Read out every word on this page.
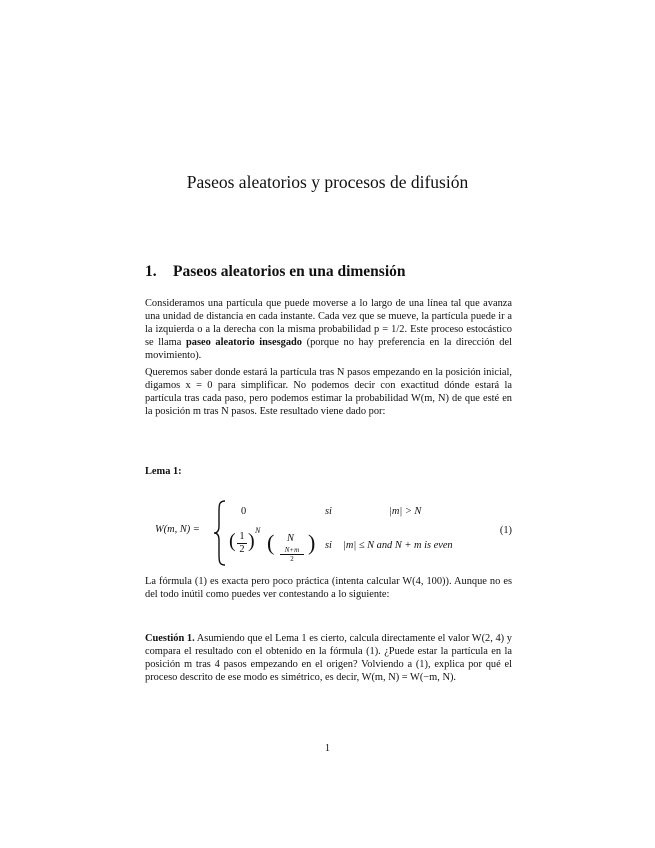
Paseos aleatorios y procesos de difusión
1. Paseos aleatorios en una dimensión
Consideramos una partícula que puede moverse a lo largo de una línea tal que avanza una unidad de distancia en cada instante. Cada vez que se mueve, la partícula puede ir a la izquierda o a la derecha con la misma probabilidad p = 1/2. Este proceso estocástico se llama paseo aleatorio insesgado (porque no hay preferencia en la dirección del movimiento).
Queremos saber donde estará la partícula tras N pasos empezando en la posición inicial, digamos x = 0 para simplificar. No podemos decir con exactitud dónde estará la partícula tras cada paso, pero podemos estimar la probabilidad W(m, N) de que esté en la posición m tras N pasos. Este resultado viene dado por:
Lema 1:
W(m, N) =
0	si	|m| > N
( $\frac{1}{2}$ ) N ( N
$\frac{N+m}{2}$ ) si |m| ≤ N and N + m is even
(1)
La fórmula (1) es exacta pero poco práctica (intenta calcular W(4, 100)). Aunque no es del todo inútil como puedes ver contestando a lo siguiente:
Cuestión 1. Asumiendo que el Lema 1 es cierto, calcula directamente el valor W(2, 4) y compara el resultado con el obtenido en la fórmula (1). ¿Puede estar la partícula en la posición m tras 4 pasos empezando en el origen? Volviendo a (1), explica por qué el proceso descrito de ese modo es simétrico, es decir, W(m, N) = W(−m, N).
1
